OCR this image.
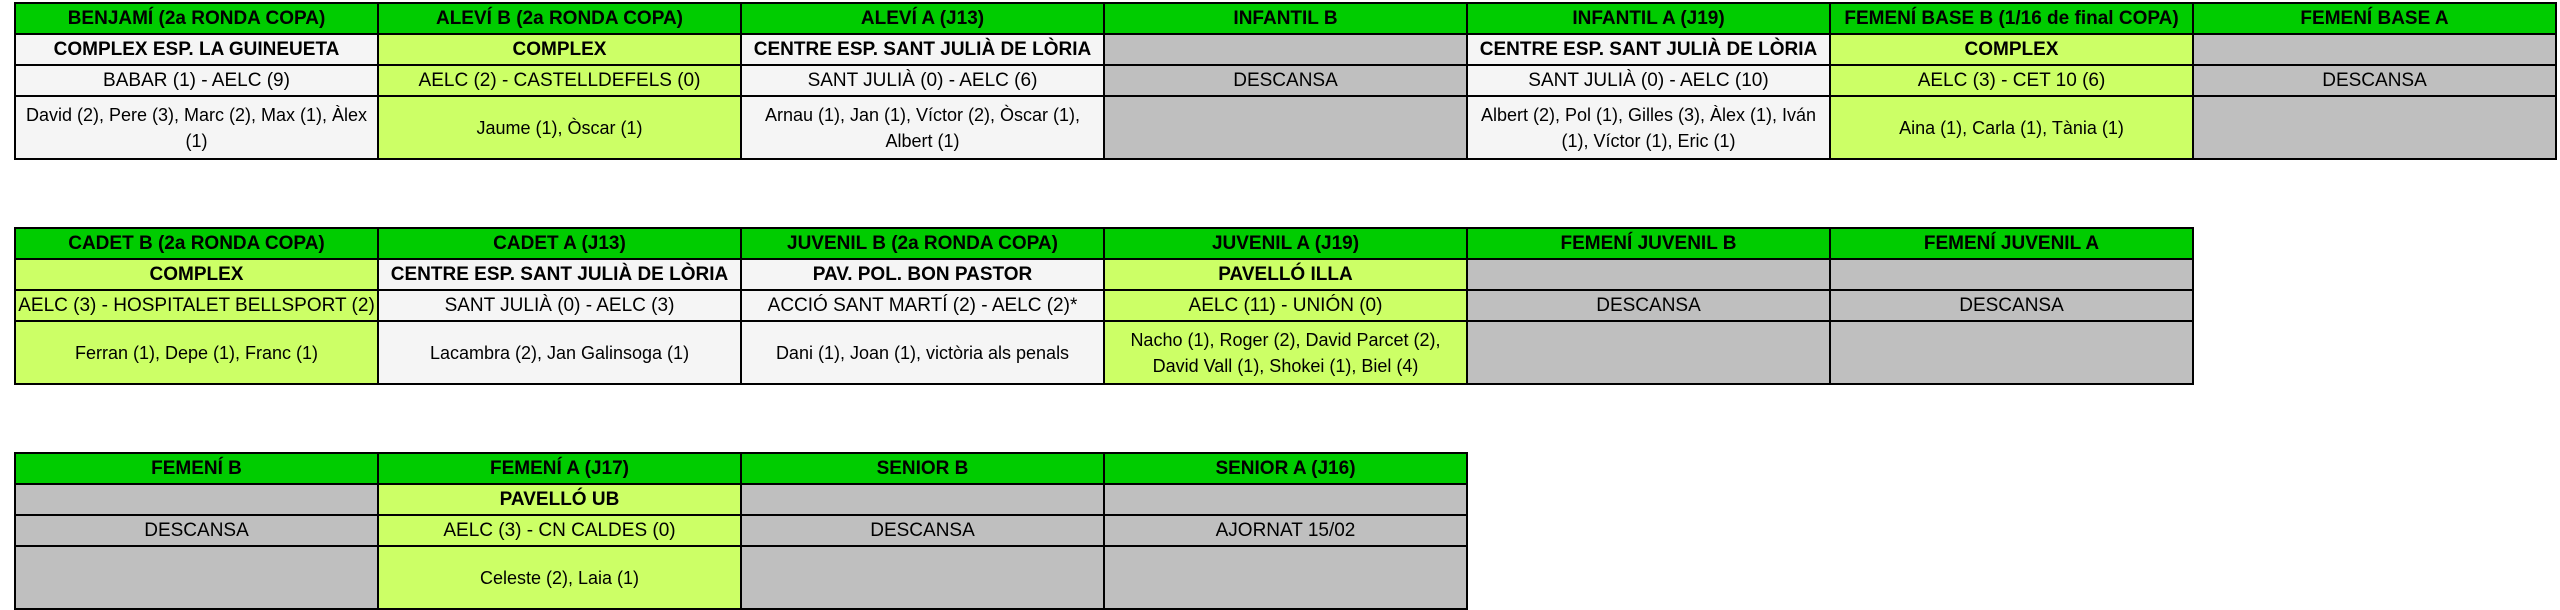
BENJAMÍ (2a RONDA COPA)
COMPLEX ESP. LA GUINEUETA
BABAR (1) - AELC (9)
David (2), Pere (3), Marc (2), Max (1), Àlex (1)
ALEVÍ B (2a RONDA COPA)
COMPLEX
AELC (2) - CASTELLDEFELS (0)
Jaume (1), Òscar (1)
ALEVÍ A (J13)
CENTRE ESP. SANT JULIÀ DE LÒRIA
SANT JULIÀ (0) - AELC (6)
Arnau (1), Jan (1), Víctor (2), Òscar (1), Albert (1)
INFANTIL B
DESCANSA
INFANTIL A (J19)
CENTRE ESP. SANT JULIÀ DE LÒRIA
SANT JULIÀ (0) - AELC (10)
Albert (2), Pol (1), Gilles (3), Àlex (1), Iván (1), Víctor (1), Eric (1)
FEMENÍ BASE B (1/16 de final COPA)
COMPLEX
AELC (3) - CET 10 (6)
Aina (1), Carla (1), Tània (1)
FEMENÍ BASE A
DESCANSA
CADET B (2a RONDA COPA)
COMPLEX
AELC (3) - HOSPITALET BELLSPORT (2)
Ferran (1), Depe (1), Franc (1)
CADET A (J13)
CENTRE ESP. SANT JULIÀ DE LÒRIA
SANT JULIÀ (0) - AELC (3)
Lacambra (2), Jan Galinsoga (1)
JUVENIL B (2a RONDA COPA)
PAV. POL. BON PASTOR
ACCIÓ SANT MARTÍ (2) - AELC (2)*
Dani (1), Joan (1), victòria als penals
JUVENIL A (J19)
PAVELLÓ ILLA
AELC (11) - UNIÓN (0)
Nacho (1), Roger (2), David Parcet (2), David Vall (1), Shokei (1), Biel (4)
FEMENÍ JUVENIL B
DESCANSA
FEMENÍ JUVENIL A
DESCANSA
FEMENÍ B
DESCANSA
FEMENÍ A (J17)
PAVELLÓ UB
AELC (3) - CN CALDES (0)
Celeste (2), Laia (1)
SENIOR B
DESCANSA
SENIOR A (J16)
AJORNAT 15/02
